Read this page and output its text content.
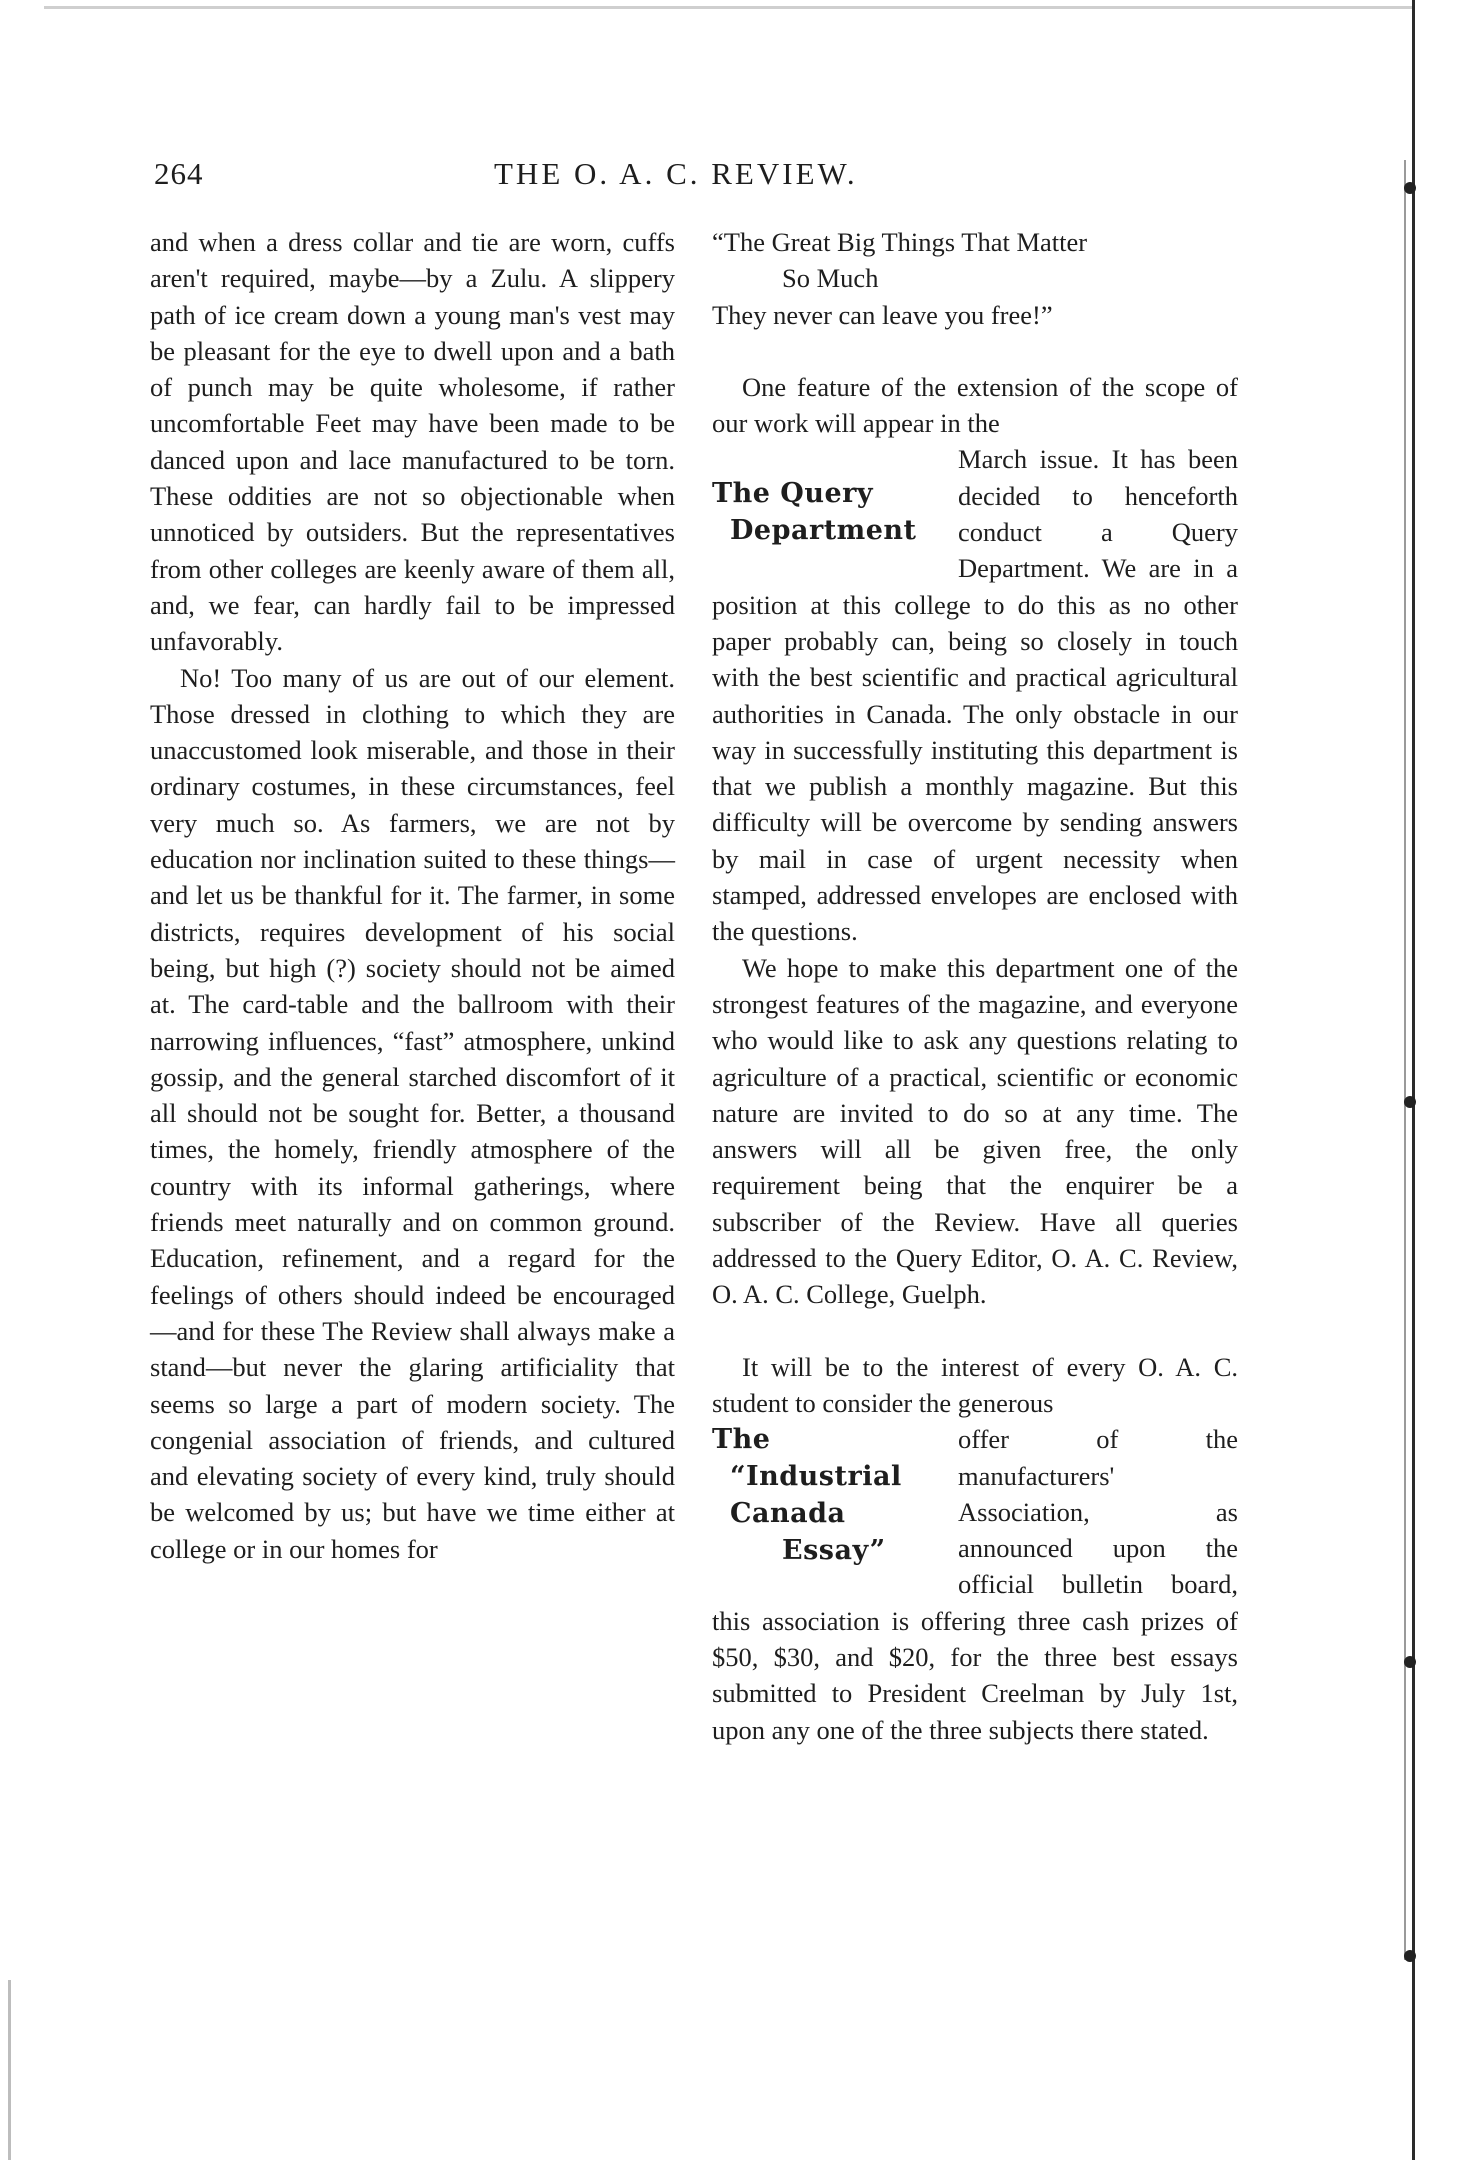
264	THE O. A. C. REVIEW.

and when a dress collar and tie are worn, cuffs aren't required, maybe—by a Zulu. A slippery path of ice cream down a young man's vest may be pleasant for the eye to dwell upon and a bath of punch may be quite wholesome, if rather uncomfortable Feet may have been made to be danced upon and lace manufactured to be torn. These oddities are not so objectionable when unnoticed by outsiders. But the representatives from other colleges are keenly aware of them all, and, we fear, can hardly fail to be impressed unfavorably.

No! Too many of us are out of our element. Those dressed in clothing to which they are unaccustomed look miserable, and those in their ordinary costumes, in these circumstances, feel very much so. As farmers, we are not by education nor inclination suited to these things—and let us be thankful for it. The farmer, in some districts, requires development of his social being, but high (?) society should not be aimed at. The card-table and the ballroom with their narrowing influences, “fast” atmosphere, unkind gossip, and the general starched discomfort of it all should not be sought for. Better, a thousand times, the homely, friendly atmosphere of the country with its informal gatherings, where friends meet naturally and on common ground. Education, refinement, and a regard for the feelings of others should indeed be encouraged—and for these The Review shall always make a stand—but never the glaring artificiality that seems so large a part of modern society. The congenial association of friends, and cultured and elevating society of every kind, truly should be welcomed by us; but have we time either at college or in our homes for

“The Great Big Things That Matter

So Much

They never can leave you free!”

One feature of the extension of the scope of our work will appear in the

The Query
Department

March issue. It has been decided to henceforth conduct a Query Department. We are in a position at this college to do this as no other paper probably can, being so closely in touch with the best scientific and practical agricultural authorities in Canada. The only obstacle in our way in successfully instituting this department is that we publish a monthly magazine. But this difficulty will be overcome by sending answers by mail in case of urgent necessity when stamped, addressed envelopes are enclosed with the questions.

We hope to make this department one of the strongest features of the magazine, and everyone who would like to ask any questions relating to agriculture of a practical, scientific or economic nature are invited to do so at any time. The answers will all be given free, the only requirement being that the enquirer be a subscriber of the Review. Have all queries addressed to the Query Editor, O. A. C. Review, O. A. C. College, Guelph.

It will be to the interest of every O. A. C. student to consider the generous

The
“Industrial
Canada
Essay”

offer of the manufacturers' Association, as announced upon the official bulletin board, this association is offering three cash prizes of $50, $30, and $20, for the three best essays submitted to President Creelman by July 1st, upon any one of the three subjects there stated.
